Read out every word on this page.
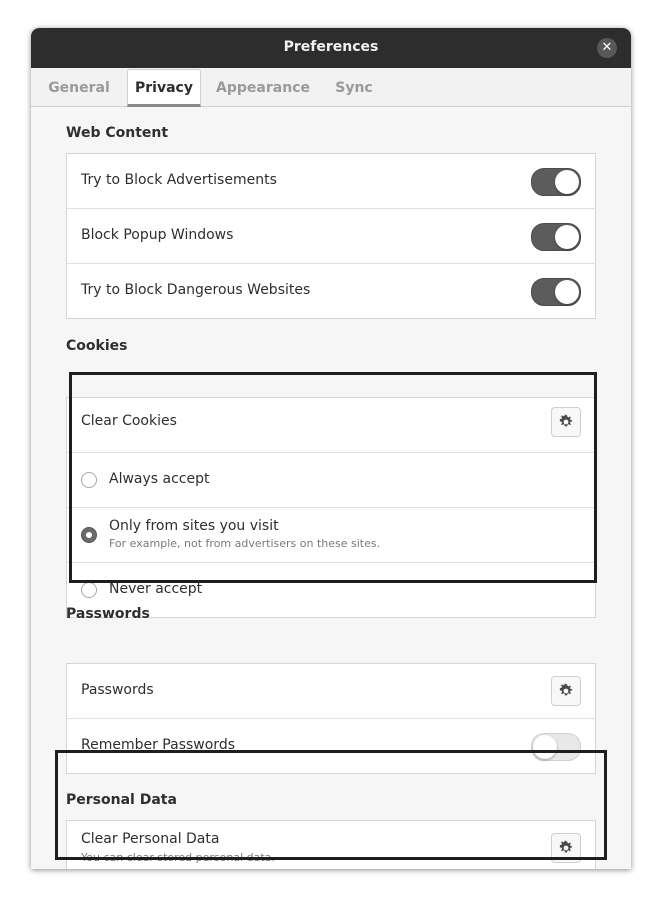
Preferences	✕
General	Privacy	Appearance	Sync
Web Content
Try to Block Advertisements
Block Popup Windows
Try to Block Dangerous Websites
Cookies
Clear Cookies
Always accept
Only from sites you visit
For example, not from advertisers on these sites.
Never accept
Passwords
Passwords
Remember Passwords
Personal Data
Clear Personal Data
You can clear stored personal data.
